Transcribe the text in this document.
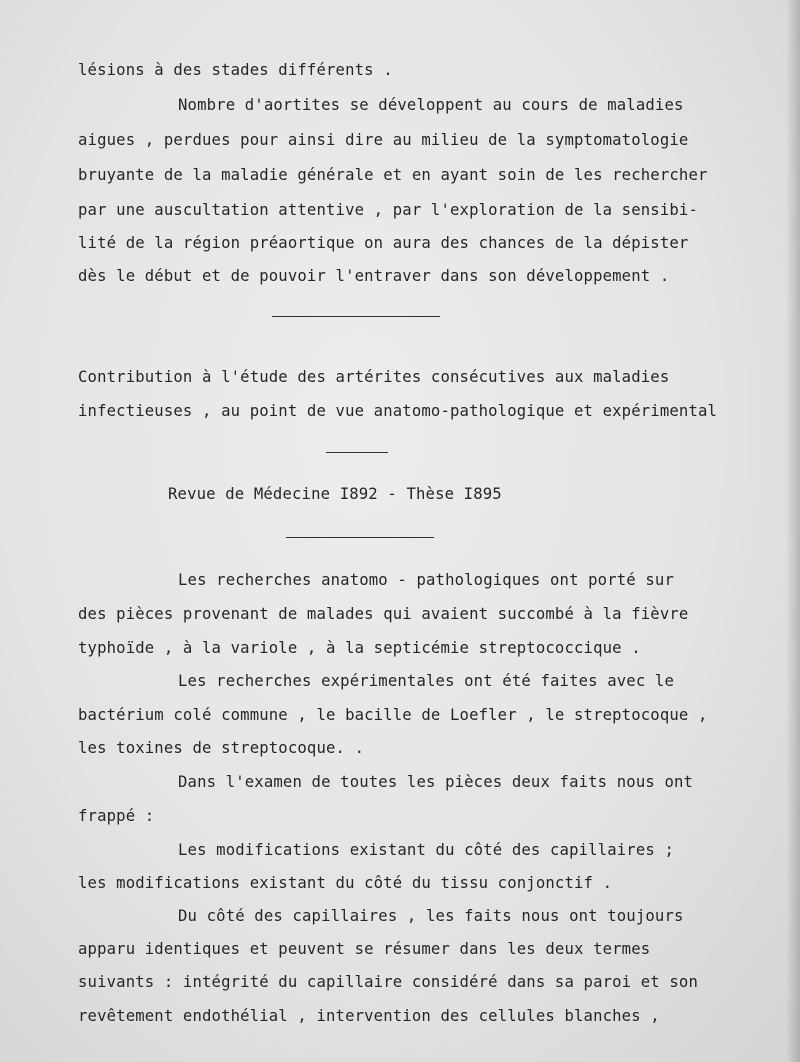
lésions à des stades différents .

Nombre d'aortites se développent au cours de maladies

aigues , perdues pour ainsi dire au milieu de la symptomatologie

bruyante de la maladie générale et en ayant soin de les rechercher

par une auscultation attentive , par l'exploration de la sensibi-

lité de la région préaortique on aura des chances de la dépister

dès le début et de pouvoir l'entraver dans son développement .

Contribution à l'étude des artérites consécutives aux maladies

infectieuses , au point de vue anatomo-pathologique et expérimental

Revue de Médecine I892 - Thèse I895

Les recherches anatomo - pathologiques ont porté sur

des pièces provenant de malades qui avaient succombé à la fièvre

typhoïde , à la variole , à la septicémie streptococcique .

Les recherches expérimentales ont été faites avec le

bactérium colé commune , le bacille de Loefler , le streptocoque ,

les toxines de streptocoque. .

Dans l'examen de toutes les pièces deux faits nous ont

frappé :

Les modifications existant du côté des capillaires ;

les modifications existant du côté du tissu conjonctif .

Du côté des capillaires , les faits nous ont toujours

apparu identiques et peuvent se résumer dans les deux termes

suivants : intégrité du capillaire considéré dans sa paroi et son

revêtement endothélial , intervention des cellules blanches ,
